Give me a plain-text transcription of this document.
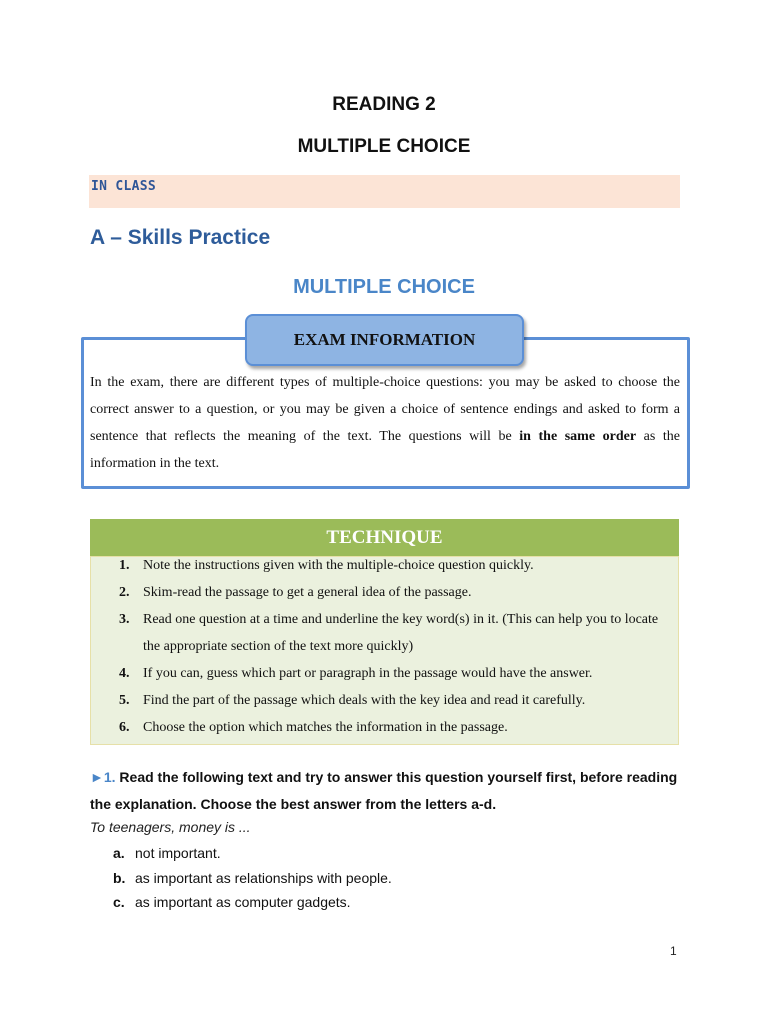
READING 2
MULTIPLE CHOICE
IN CLASS
A – Skills Practice
MULTIPLE CHOICE
EXAM INFORMATION
In the exam, there are different types of multiple-choice questions: you may be asked to choose the correct answer to a question, or you may be given a choice of sentence endings and asked to form a sentence that reflects the meaning of the text. The questions will be in the same order as the information in the text.
TECHNIQUE
1. Note the instructions given with the multiple-choice question quickly.
2. Skim-read the passage to get a general idea of the passage.
3. Read one question at a time and underline the key word(s) in it. (This can help you to locate the appropriate section of the text more quickly)
4. If you can, guess which part or paragraph in the passage would have the answer.
5. Find the part of the passage which deals with the key idea and read it carefully.
6. Choose the option which matches the information in the passage.
►1. Read the following text and try to answer this question yourself first, before reading the explanation. Choose the best answer from the letters a-d.
To teenagers, money is ...
a. not important.
b. as important as relationships with people.
c. as important as computer gadgets.
1
